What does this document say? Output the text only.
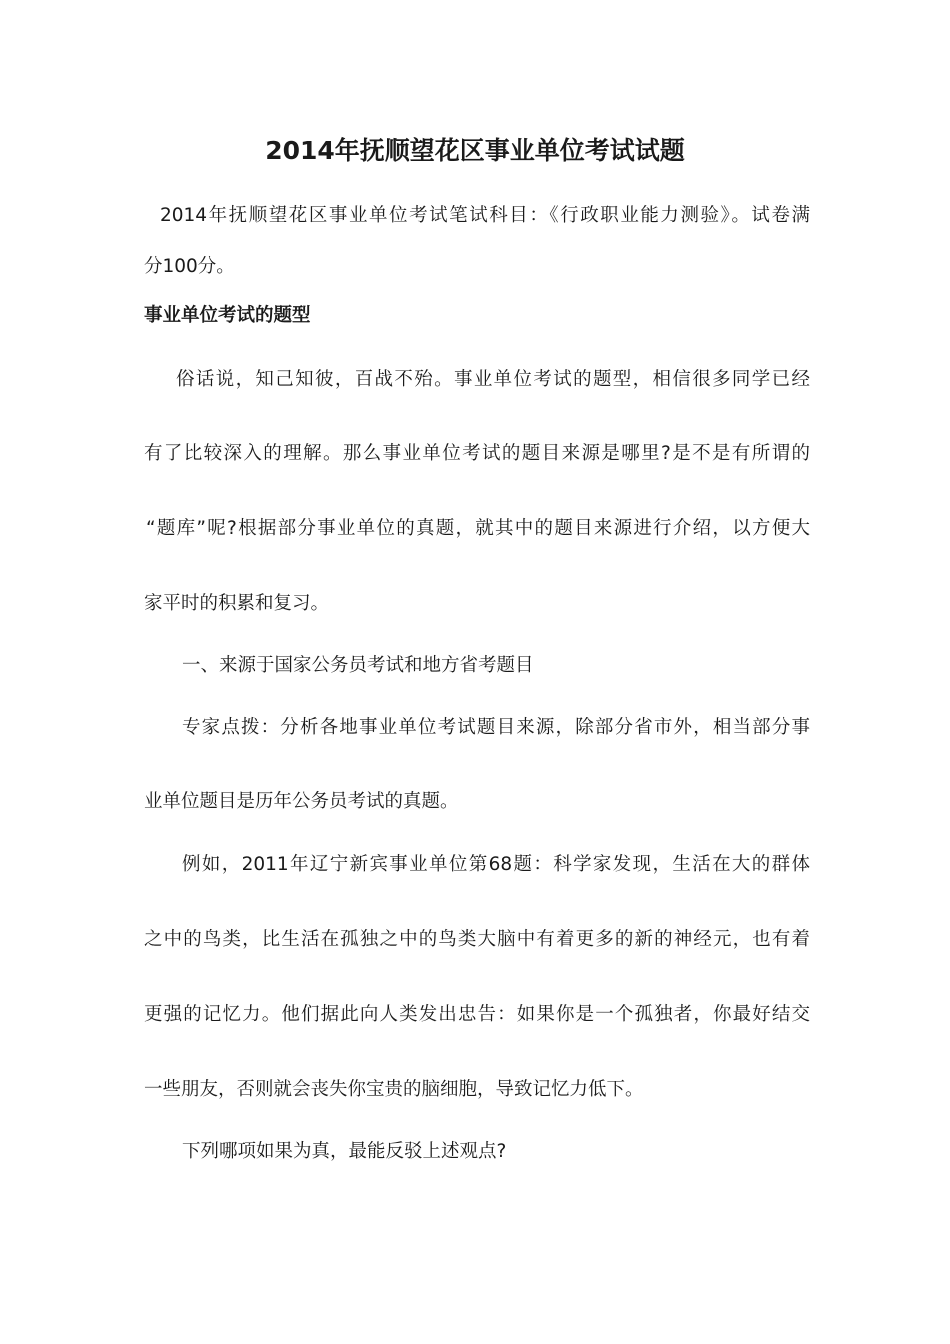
2014年抚顺望花区事业单位考试试题
2014年抚顺望花区事业单位考试笔试科目：《行政职业能力测验》。试卷满
分100分。
事业单位考试的题型
俗话说，知己知彼，百战不殆。事业单位考试的题型，相信很多同学已经
有了比较深入的理解。那么事业单位考试的题目来源是哪里?是不是有所谓的
“题库”呢?根据部分事业单位的真题，就其中的题目来源进行介绍，以方便大
家平时的积累和复习。
一、来源于国家公务员考试和地方省考题目
专家点拨：分析各地事业单位考试题目来源，除部分省市外，相当部分事
业单位题目是历年公务员考试的真题。
例如，2011年辽宁新宾事业单位第68题：科学家发现，生活在大的群体
之中的鸟类，比生活在孤独之中的鸟类大脑中有着更多的新的神经元，也有着
更强的记忆力。他们据此向人类发出忠告：如果你是一个孤独者，你最好结交
一些朋友，否则就会丧失你宝贵的脑细胞，导致记忆力低下。
下列哪项如果为真，最能反驳上述观点?
